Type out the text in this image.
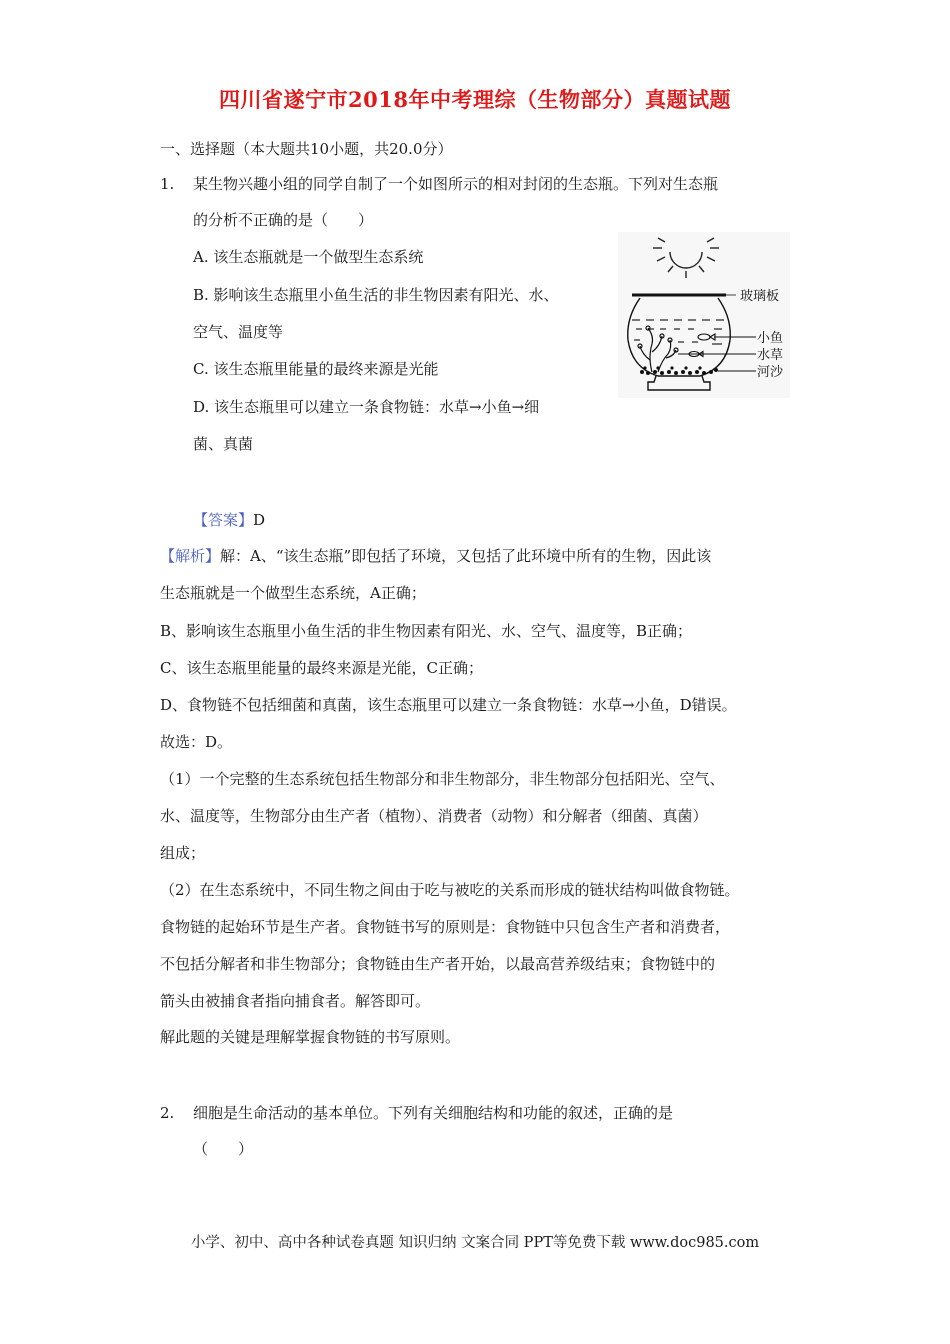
四川省遂宁市2018年中考理综（生物部分）真题试题
一、选择题（本大题共10小题，共20.0分）
1. 某生物兴趣小组的同学自制了一个如图所示的相对封闭的生态瓶。下列对生态瓶
的分析不正确的是（　　）
A. 该生态瓶就是一个做型生态系统
B. 影响该生态瓶里小鱼生活的非生物因素有阳光、水、
空气、温度等
C. 该生态瓶里能量的最终来源是光能
D. 该生态瓶里可以建立一条食物链：水草→小鱼→细
菌、真菌
玻璃板
小鱼
水草
河沙
【答案】D
【解析】解：A、“该生态瓶”即包括了环境，又包括了此环境中所有的生物，因此该
生态瓶就是一个做型生态系统，A正确；
B、影响该生态瓶里小鱼生活的非生物因素有阳光、水、空气、温度等，B正确；
C、该生态瓶里能量的最终来源是光能，C正确；
D、食物链不包括细菌和真菌，该生态瓶里可以建立一条食物链：水草→小鱼，D错误。
故选：D。
（1）一个完整的生态系统包括生物部分和非生物部分，非生物部分包括阳光、空气、
水、温度等，生物部分由生产者（植物）、消费者（动物）和分解者（细菌、真菌）
组成；
（2）在生态系统中，不同生物之间由于吃与被吃的关系而形成的链状结构叫做食物链。
食物链的起始环节是生产者。食物链书写的原则是：食物链中只包含生产者和消费者，
不包括分解者和非生物部分；食物链由生产者开始，以最高营养级结束；食物链中的
箭头由被捕食者指向捕食者。解答即可。
解此题的关键是理解掌握食物链的书写原则。
2. 细胞是生命活动的基本单位。下列有关细胞结构和功能的叙述，正确的是
（　　）
小学、初中、高中各种试卷真题 知识归纳 文案合同 PPT等免费下载 www.doc985.com
